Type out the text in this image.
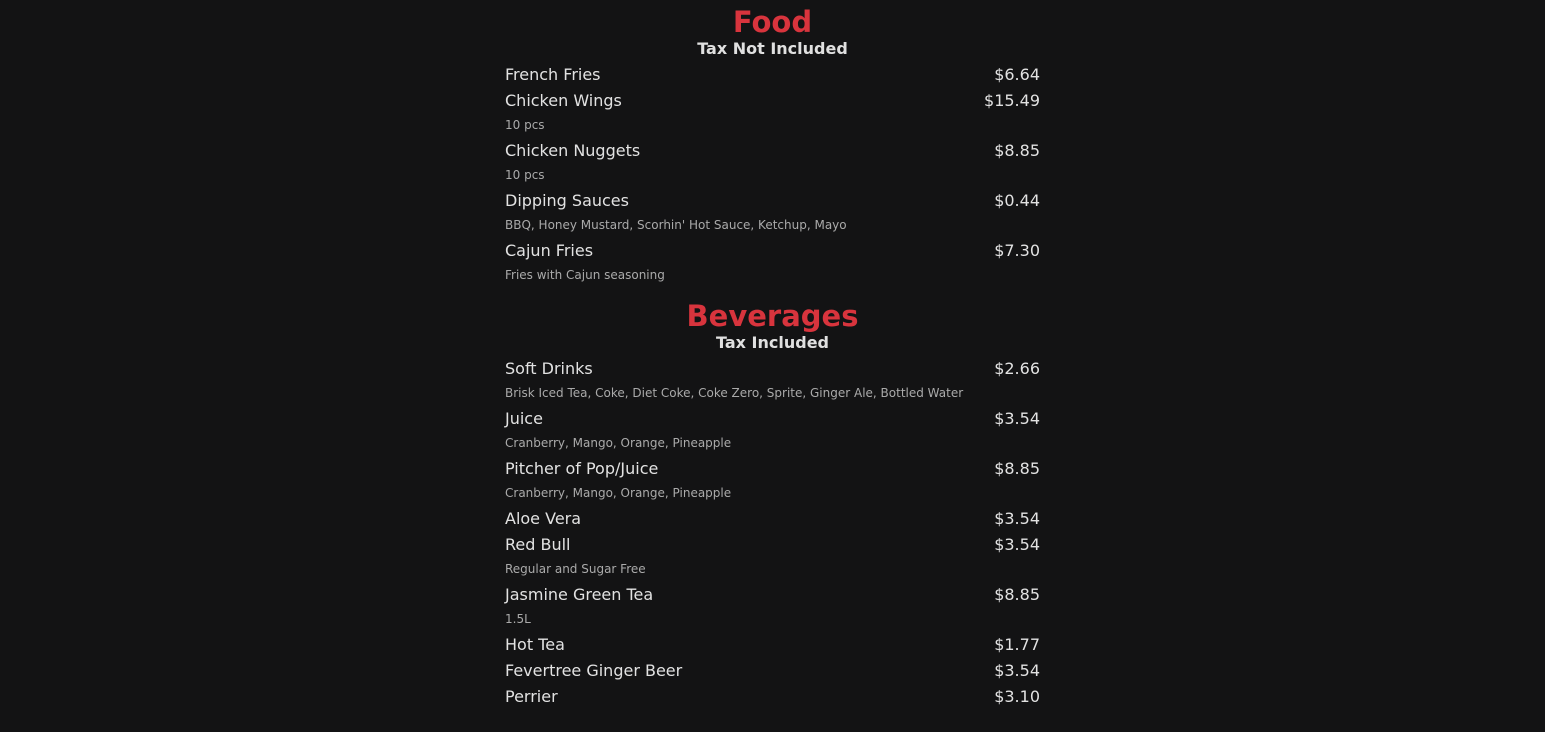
Food
Tax Not Included
French Fries	$6.64
Chicken Wings	$15.49
10 pcs
Chicken Nuggets	$8.85
10 pcs
Dipping Sauces	$0.44
BBQ, Honey Mustard, Scorhin' Hot Sauce, Ketchup, Mayo
Cajun Fries	$7.30
Fries with Cajun seasoning
Beverages
Tax Included
Soft Drinks	$2.66
Brisk Iced Tea, Coke, Diet Coke, Coke Zero, Sprite, Ginger Ale, Bottled Water
Juice	$3.54
Cranberry, Mango, Orange, Pineapple
Pitcher of Pop/Juice	$8.85
Cranberry, Mango, Orange, Pineapple
Aloe Vera	$3.54
Red Bull	$3.54
Regular and Sugar Free
Jasmine Green Tea	$8.85
1.5L
Hot Tea	$1.77
Fevertree Ginger Beer	$3.54
Perrier	$3.10
